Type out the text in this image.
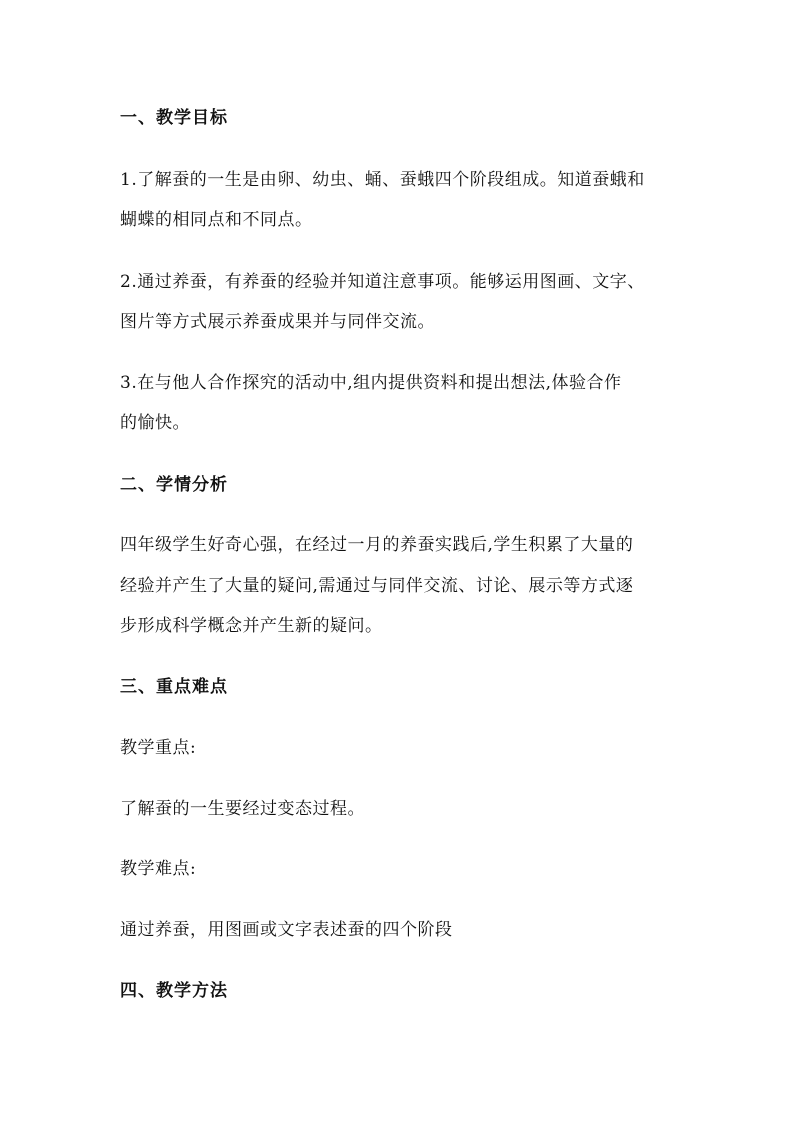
一、教学目标
1.了解蚕的一生是由卵、幼虫、蛹、蚕蛾四个阶段组成。知道蚕蛾和
蝴蝶的相同点和不同点。
2.通过养蚕，有养蚕的经验并知道注意事项。能够运用图画、文字、
图片等方式展示养蚕成果并与同伴交流。
3.在与他人合作探究的活动中,组内提供资料和提出想法,体验合作
的愉快。
二、学情分析
四年级学生好奇心强，在经过一月的养蚕实践后,学生积累了大量的
经验并产生了大量的疑问,需通过与同伴交流、讨论、展示等方式逐
步形成科学概念并产生新的疑问。
三、重点难点
教学重点:
了解蚕的一生要经过变态过程。
教学难点:
通过养蚕，用图画或文字表述蚕的四个阶段
四、教学方法
